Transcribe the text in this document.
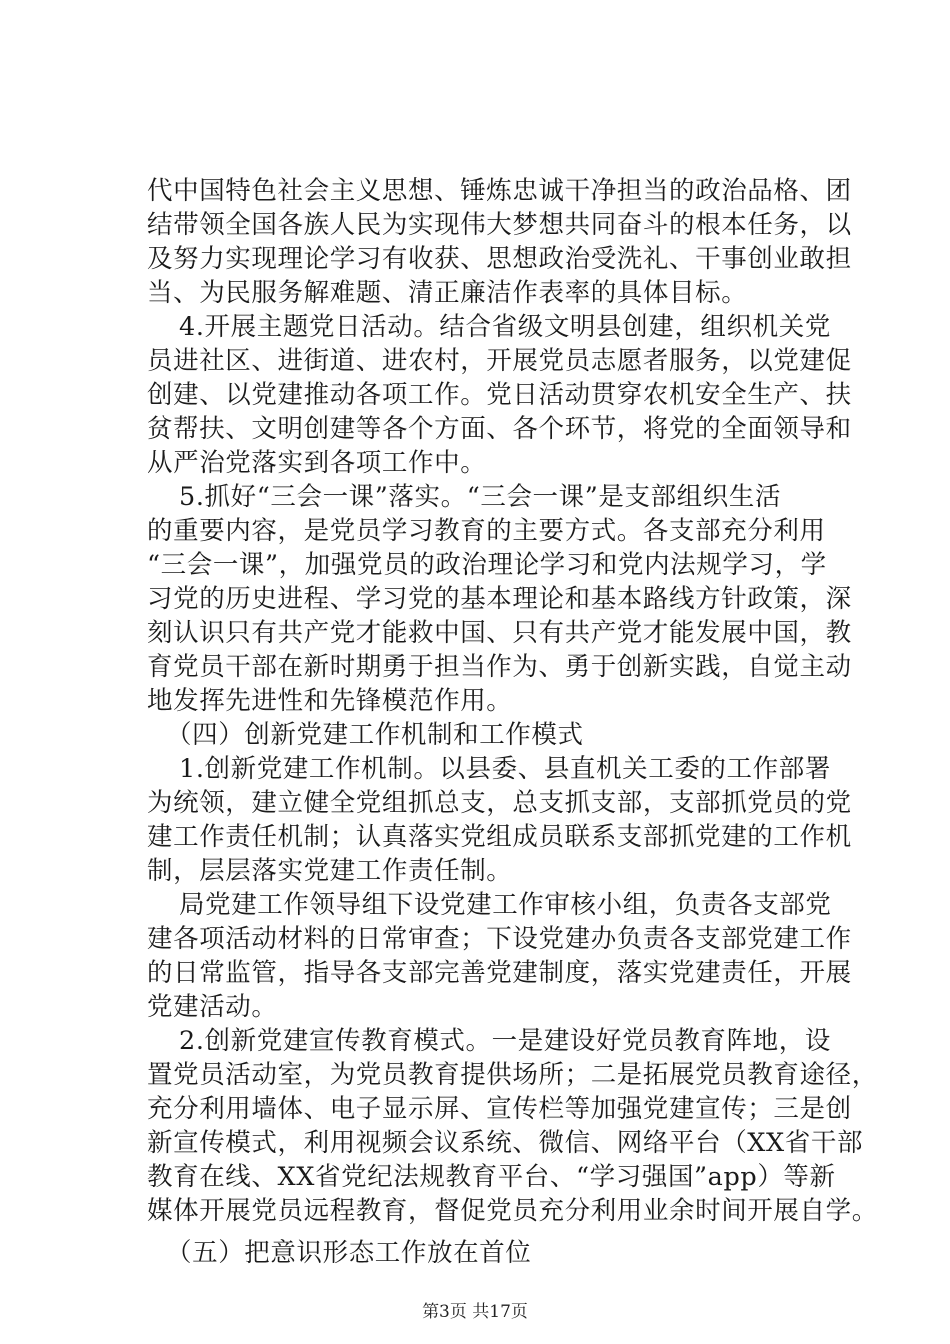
代中国特色社会主义思想、锤炼忠诚干净担当的政治品格、团
结带领全国各族人民为实现伟大梦想共同奋斗的根本任务，以
及努力实现理论学习有收获、思想政治受洗礼、干事创业敢担
当、为民服务解难题、清正廉洁作表率的具体目标。
4.开展主题党日活动。结合省级文明县创建，组织机关党
员进社区、进街道、进农村，开展党员志愿者服务，以党建促
创建、以党建推动各项工作。党日活动贯穿农机安全生产、扶
贫帮扶、文明创建等各个方面、各个环节，将党的全面领导和
从严治党落实到各项工作中。
5.抓好“三会一课”落实。“三会一课”是支部组织生活
的重要内容，是党员学习教育的主要方式。各支部充分利用
“三会一课”，加强党员的政治理论学习和党内法规学习，学
习党的历史进程、学习党的基本理论和基本路线方针政策，深
刻认识只有共产党才能救中国、只有共产党才能发展中国，教
育党员干部在新时期勇于担当作为、勇于创新实践，自觉主动
地发挥先进性和先锋模范作用。
（四）创新党建工作机制和工作模式
1.创新党建工作机制。以县委、县直机关工委的工作部署
为统领，建立健全党组抓总支，总支抓支部，支部抓党员的党
建工作责任机制；认真落实党组成员联系支部抓党建的工作机
制，层层落实党建工作责任制。
局党建工作领导组下设党建工作审核小组，负责各支部党
建各项活动材料的日常审查；下设党建办负责各支部党建工作
的日常监管，指导各支部完善党建制度，落实党建责任，开展
党建活动。
2.创新党建宣传教育模式。一是建设好党员教育阵地，设
置党员活动室，为党员教育提供场所；二是拓展党员教育途径，
充分利用墙体、电子显示屏、宣传栏等加强党建宣传；三是创
新宣传模式，利用视频会议系统、微信、网络平台（XX省干部
教育在线、XX省党纪法规教育平台、“学习强国”app）等新
媒体开展党员远程教育，督促党员充分利用业余时间开展自学。
（五）把意识形态工作放在首位
第3页 共17页
